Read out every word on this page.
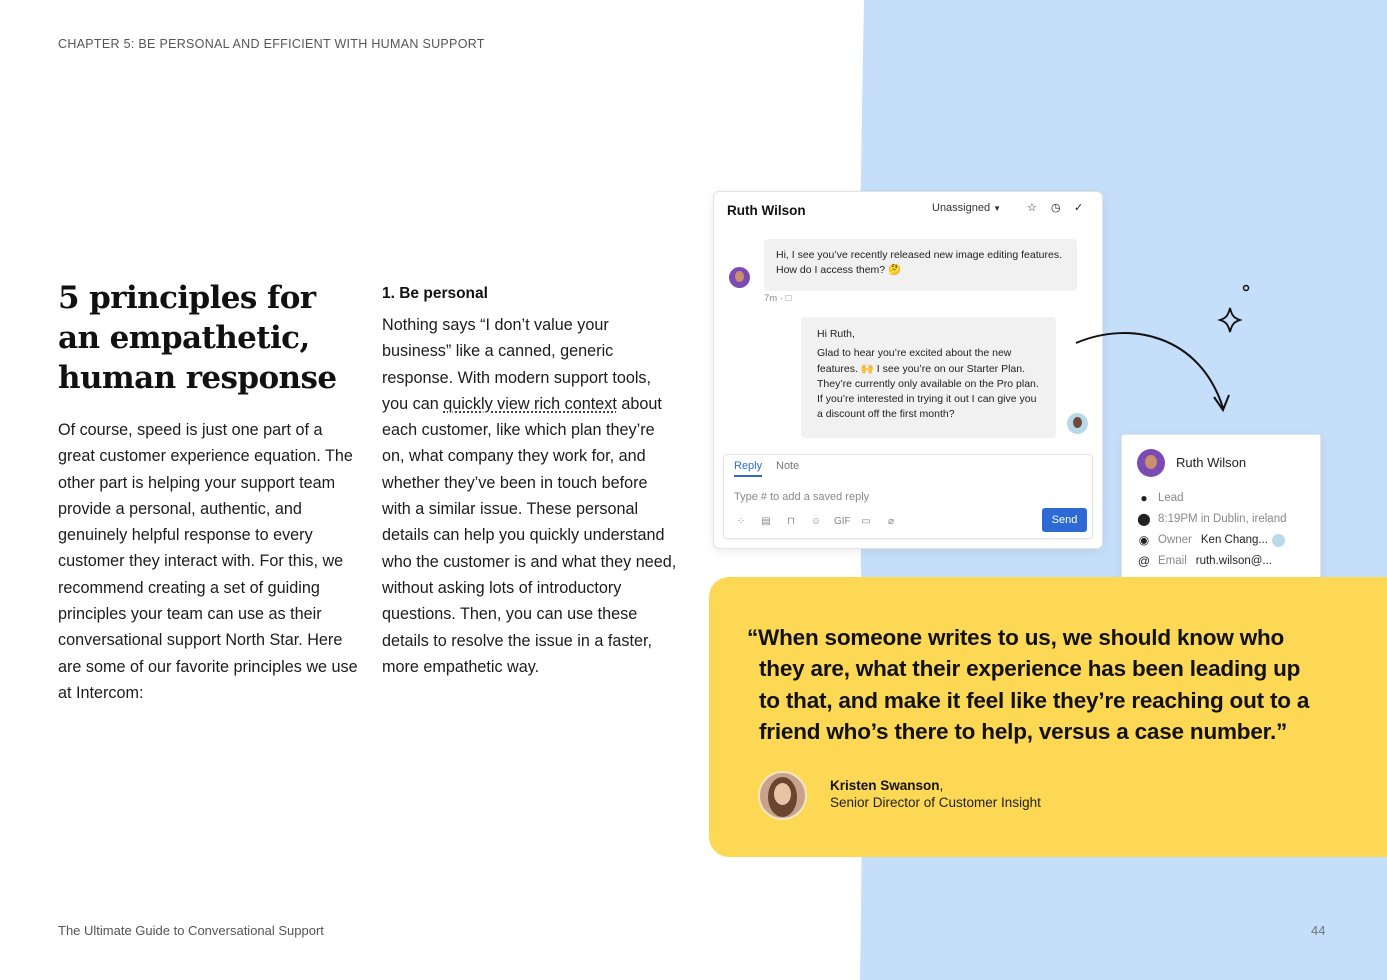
CHAPTER 5: BE PERSONAL AND EFFICIENT WITH HUMAN SUPPORT
5 principles for
an empathetic,
human response

Of course, speed is just one part of a great customer experience equation. The other part is helping your support team provide a personal, authentic, and genuinely helpful response to every customer they interact with. For this, we recommend creating a set of guiding principles your team can use as their conversational support North Star. Here are some of our favorite principles we use at Intercom:

1. Be personal

Nothing says “I don’t value your business” like a canned, generic response. With modern support tools, you can quickly view rich context about each customer, like which plan they’re on, what company they work for, and whether they’ve been in touch before with a similar issue. These personal details can help you quickly understand who the customer is and what they need, without asking lots of introductory questions. Then, you can use these details to resolve the issue in a faster, more empathetic way.

Ruth Wilson	Unassigned ▼ ☆ ◷ ✓
Hi, I see you’ve recently released new image editing features. How do I access them? 🤔
7m · □
Hi Ruth,
Glad to hear you’re excited about the new features. 🙌 I see you’re on our Starter Plan. They’re currently only available on the Pro plan. If you’re interested in trying it out I can give you a discount off the first month?
Reply Note
Type # to add a saved reply
⁘ ▤	⊓	☺ GIF ▭	⌀	Send
Ruth Wilson
● Lead
⬤ 8:19PM in Dublin, ireland
◉ Owner Ken Chang...
@ Email ruth.wilson@...
“When someone writes to us, we should know who
they are, what their experience has been leading up
to that, and make it feel like they’re reaching out to a
friend who’s there to help, versus a case number.”
Kristen Swanson,
Senior Director of Customer Insight
The Ultimate Guide to Conversational Support	44
